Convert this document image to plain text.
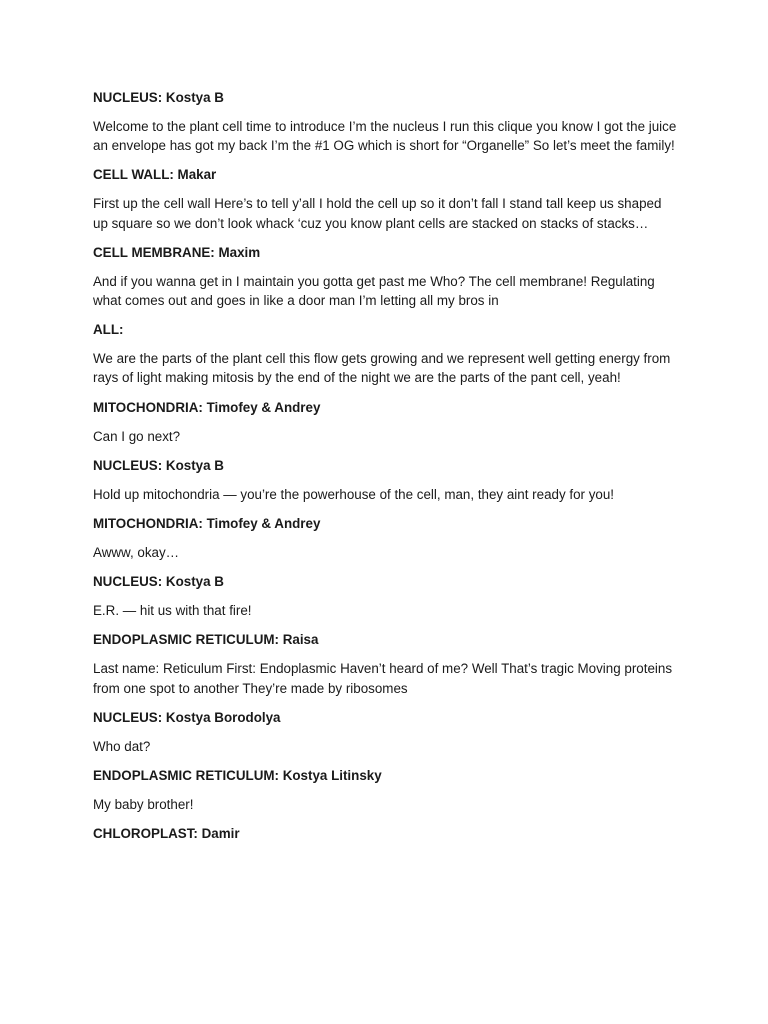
NUCLEUS: Kostya B
Welcome to the plant cell time to introduce I’m the nucleus I run this clique you know I got the juice an envelope has got my back I’m the #1 OG which is short for “Organelle” So let’s meet the family!
CELL WALL: Makar
First up the cell wall Here’s to tell y’all I hold the cell up so it don’t fall I stand tall keep us shaped up square so we don’t look whack ‘cuz you know plant cells are stacked on stacks of stacks…
CELL MEMBRANE: Maxim
And if you wanna get in I maintain you gotta get past me Who? The cell membrane! Regulating what comes out and goes in like a door man I’m letting all my bros in
ALL:
We are the parts of the plant cell this flow gets growing and we represent well getting energy from rays of light making mitosis by the end of the night we are the parts of the pant cell, yeah!
MITOCHONDRIA: Timofey & Andrey
Can I go next?
NUCLEUS: Kostya B
Hold up mitochondria — you’re the powerhouse of the cell, man, they aint ready for you!
MITOCHONDRIA: Timofey & Andrey
Awww, okay…
NUCLEUS: Kostya B
E.R. — hit us with that fire!
ENDOPLASMIC RETICULUM: Raisa
Last name: Reticulum First: Endoplasmic Haven’t heard of me? Well That’s tragic Moving proteins from one spot to another They’re made by ribosomes
NUCLEUS: Kostya Borodolya
Who dat?
ENDOPLASMIC RETICULUM: Kostya Litinsky
My baby brother!
CHLOROPLAST: Damir
